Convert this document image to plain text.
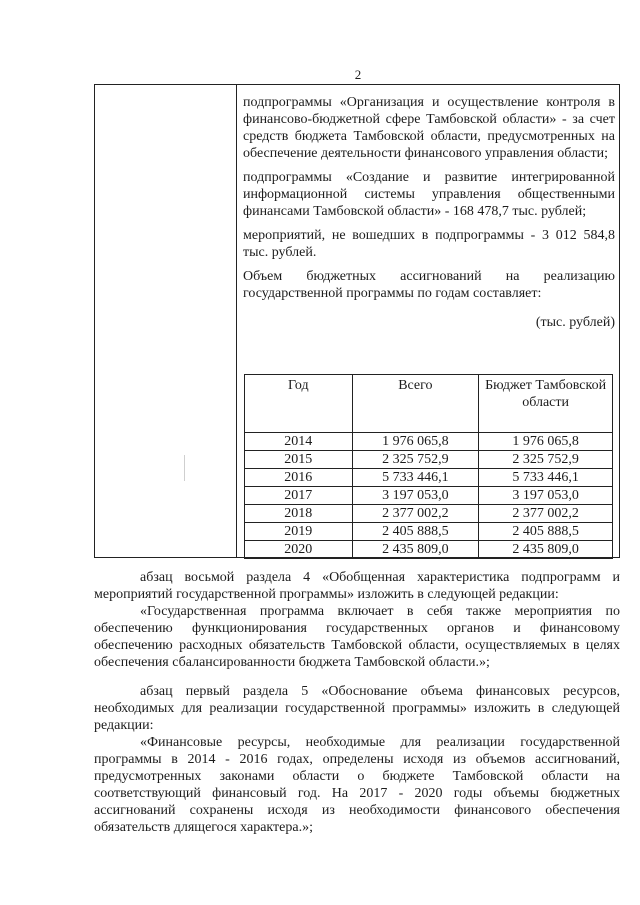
2

подпрограммы «Организация и осуществление контроля в финансово-бюджетной сфере Тамбовской области» - за счет средств бюджета Тамбовской области, предусмотренных на обеспечение деятельности финансового управления области;

подпрограммы «Создание и развитие интегрированной информационной системы управления общественными финансами Тамбовской области» - 168 478,7 тыс. рублей;

мероприятий, не вошедших в подпрограммы - 3 012 584,8 тыс. рублей.

Объем бюджетных ассигнований на реализацию государственной программы по годам составляет:

(тыс. рублей)

Год	Всего	Бюджет Тамбовской области
2014	1 976 065,8	1 976 065,8
2015	2 325 752,9	2 325 752,9
2016	5 733 446,1	5 733 446,1
2017	3 197 053,0	3 197 053,0
2018	2 377 002,2	2 377 002,2
2019	2 405 888,5	2 405 888,5
2020	2 435 809,0	2 435 809,0

абзац восьмой раздела 4 «Обобщенная характеристика подпрограмм и мероприятий государственной программы» изложить в следующей редакции:

«Государственная программа включает в себя также мероприятия по обеспечению функционирования государственных органов и финансовому обеспечению расходных обязательств Тамбовской области, осуществляемых в целях обеспечения сбалансированности бюджета Тамбовской области.»;

абзац первый раздела 5 «Обоснование объема финансовых ресурсов, необходимых для реализации государственной программы» изложить в следующей редакции:

«Финансовые ресурсы, необходимые для реализации государственной программы в 2014 - 2016 годах, определены исходя из объемов ассигнований, предусмотренных законами области о бюджете Тамбовской области на соответствующий финансовый год. На 2017 - 2020 годы объемы бюджетных ассигнований сохранены исходя из необходимости финансового обеспечения обязательств длящегося характера.»;
